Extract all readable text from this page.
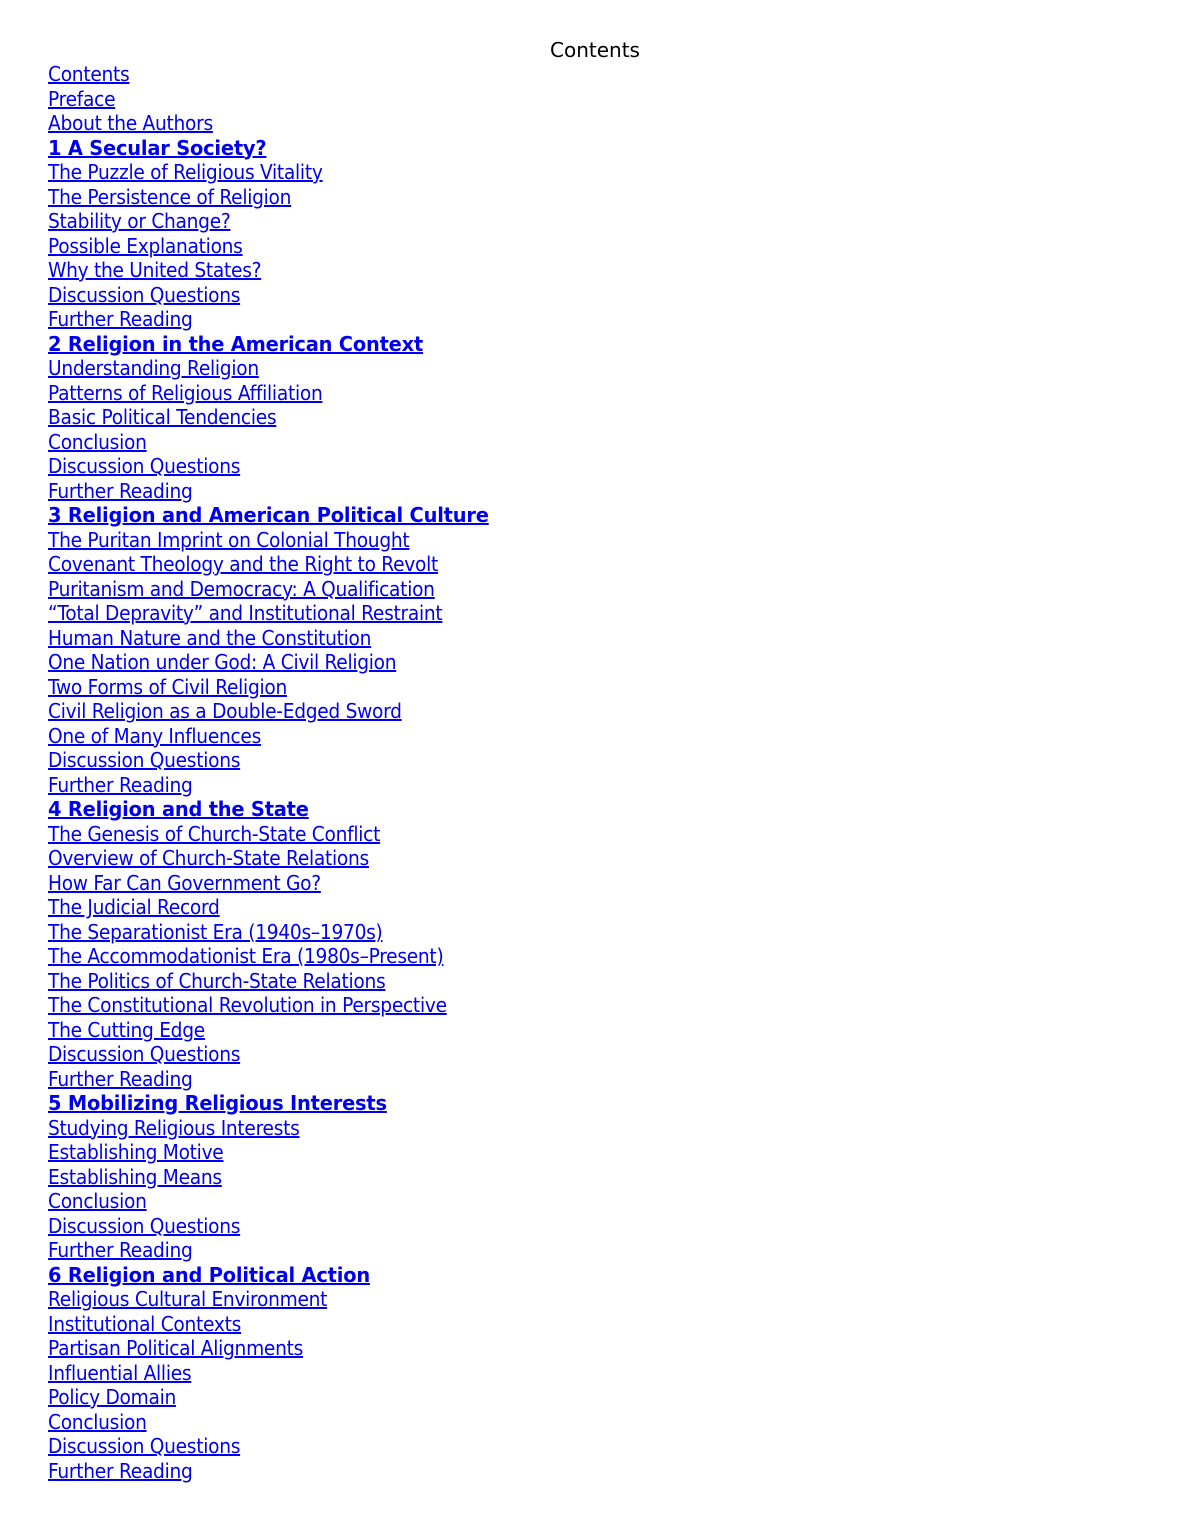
Contents
Contents
Preface
About the Authors
1 A Secular Society?
The Puzzle of Religious Vitality
The Persistence of Religion
Stability or Change?
Possible Explanations
Why the United States?
Discussion Questions
Further Reading
2 Religion in the American Context
Understanding Religion
Patterns of Religious Affiliation
Basic Political Tendencies
Conclusion
Discussion Questions
Further Reading
3 Religion and American Political Culture
The Puritan Imprint on Colonial Thought
Covenant Theology and the Right to Revolt
Puritanism and Democracy: A Qualification
“Total Depravity” and Institutional Restraint
Human Nature and the Constitution
One Nation under God: A Civil Religion
Two Forms of Civil Religion
Civil Religion as a Double-Edged Sword
One of Many Influences
Discussion Questions
Further Reading
4 Religion and the State
The Genesis of Church-State Conflict
Overview of Church-State Relations
How Far Can Government Go?
The Judicial Record
The Separationist Era (1940s–1970s)
The Accommodationist Era (1980s–Present)
The Politics of Church-State Relations
The Constitutional Revolution in Perspective
The Cutting Edge
Discussion Questions
Further Reading
5 Mobilizing Religious Interests
Studying Religious Interests
Establishing Motive
Establishing Means
Conclusion
Discussion Questions
Further Reading
6 Religion and Political Action
Religious Cultural Environment
Institutional Contexts
Partisan Political Alignments
Influential Allies
Policy Domain
Conclusion
Discussion Questions
Further Reading
